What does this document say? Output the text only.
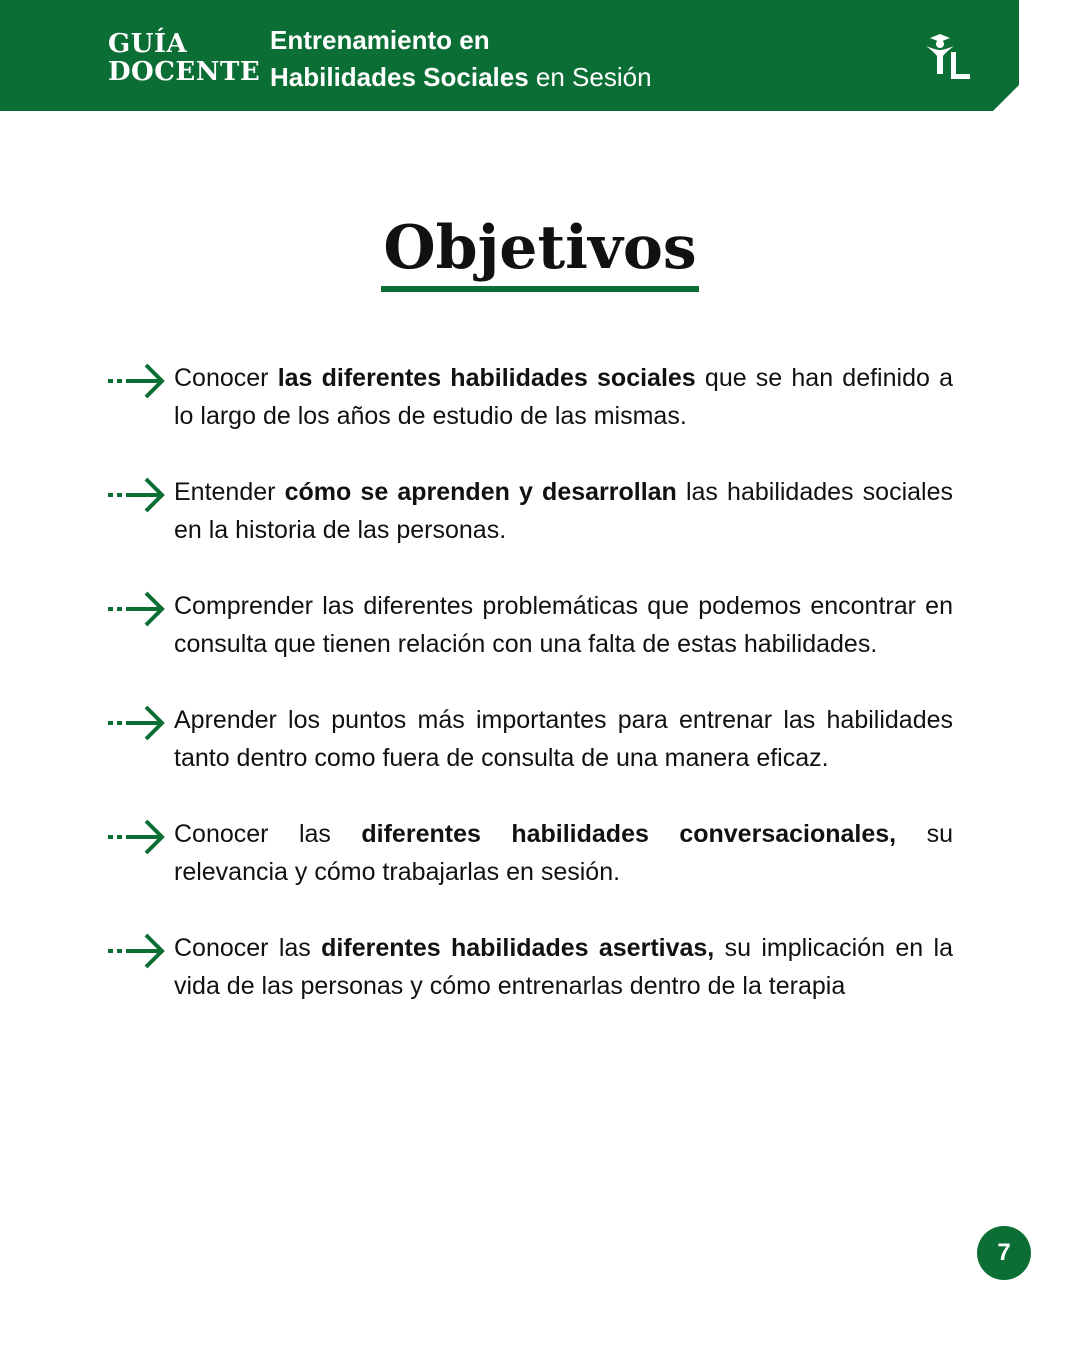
GUÍA
DOCENTE
Entrenamiento en
Habilidades Sociales en Sesión
Objetivos
Conocer las diferentes habilidades sociales que se han definido a lo largo de los años de estudio de las mismas.
Entender cómo se aprenden y desarrollan las habilidades sociales en la historia de las personas.
Comprender las diferentes problemáticas que podemos encontrar en consulta que tienen relación con una falta de estas habilidades.
Aprender los puntos más importantes para entrenar las habilidades tanto dentro como fuera de consulta de una manera eficaz.
Conocer las diferentes habilidades conversacionales, su relevancia y cómo trabajarlas en sesión.
Conocer las diferentes habilidades asertivas, su implicación en la vida de las personas y cómo entrenarlas dentro de la terapia
7
